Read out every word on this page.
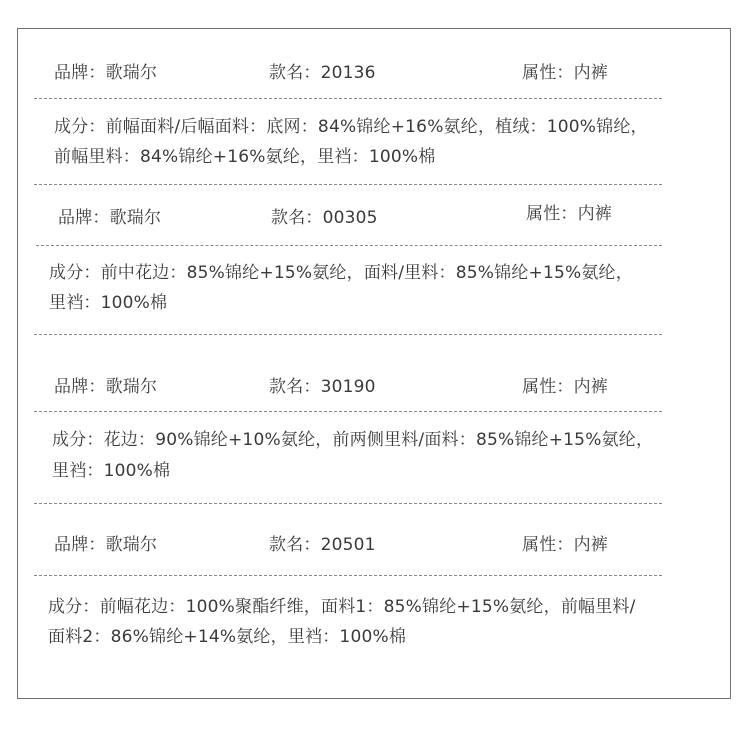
品牌：歌瑞尔	款名：20136	属性：内裤
成分：前幅面料/后幅面料：底网：84%锦纶+16%氨纶，植绒：100%锦纶，
前幅里料：84%锦纶+16%氨纶，里裆：100%棉
品牌：歌瑞尔	款名：00305	属性：内裤
成分：前中花边：85%锦纶+15%氨纶，面料/里料：85%锦纶+15%氨纶，
里裆：100%棉
品牌：歌瑞尔	款名：30190	属性：内裤
成分：花边：90%锦纶+10%氨纶，前两侧里料/面料：85%锦纶+15%氨纶，
里裆：100%棉
品牌：歌瑞尔	款名：20501	属性：内裤
成分：前幅花边：100%聚酯纤维，面料1：85%锦纶+15%氨纶，前幅里料/
面料2：86%锦纶+14%氨纶，里裆：100%棉
